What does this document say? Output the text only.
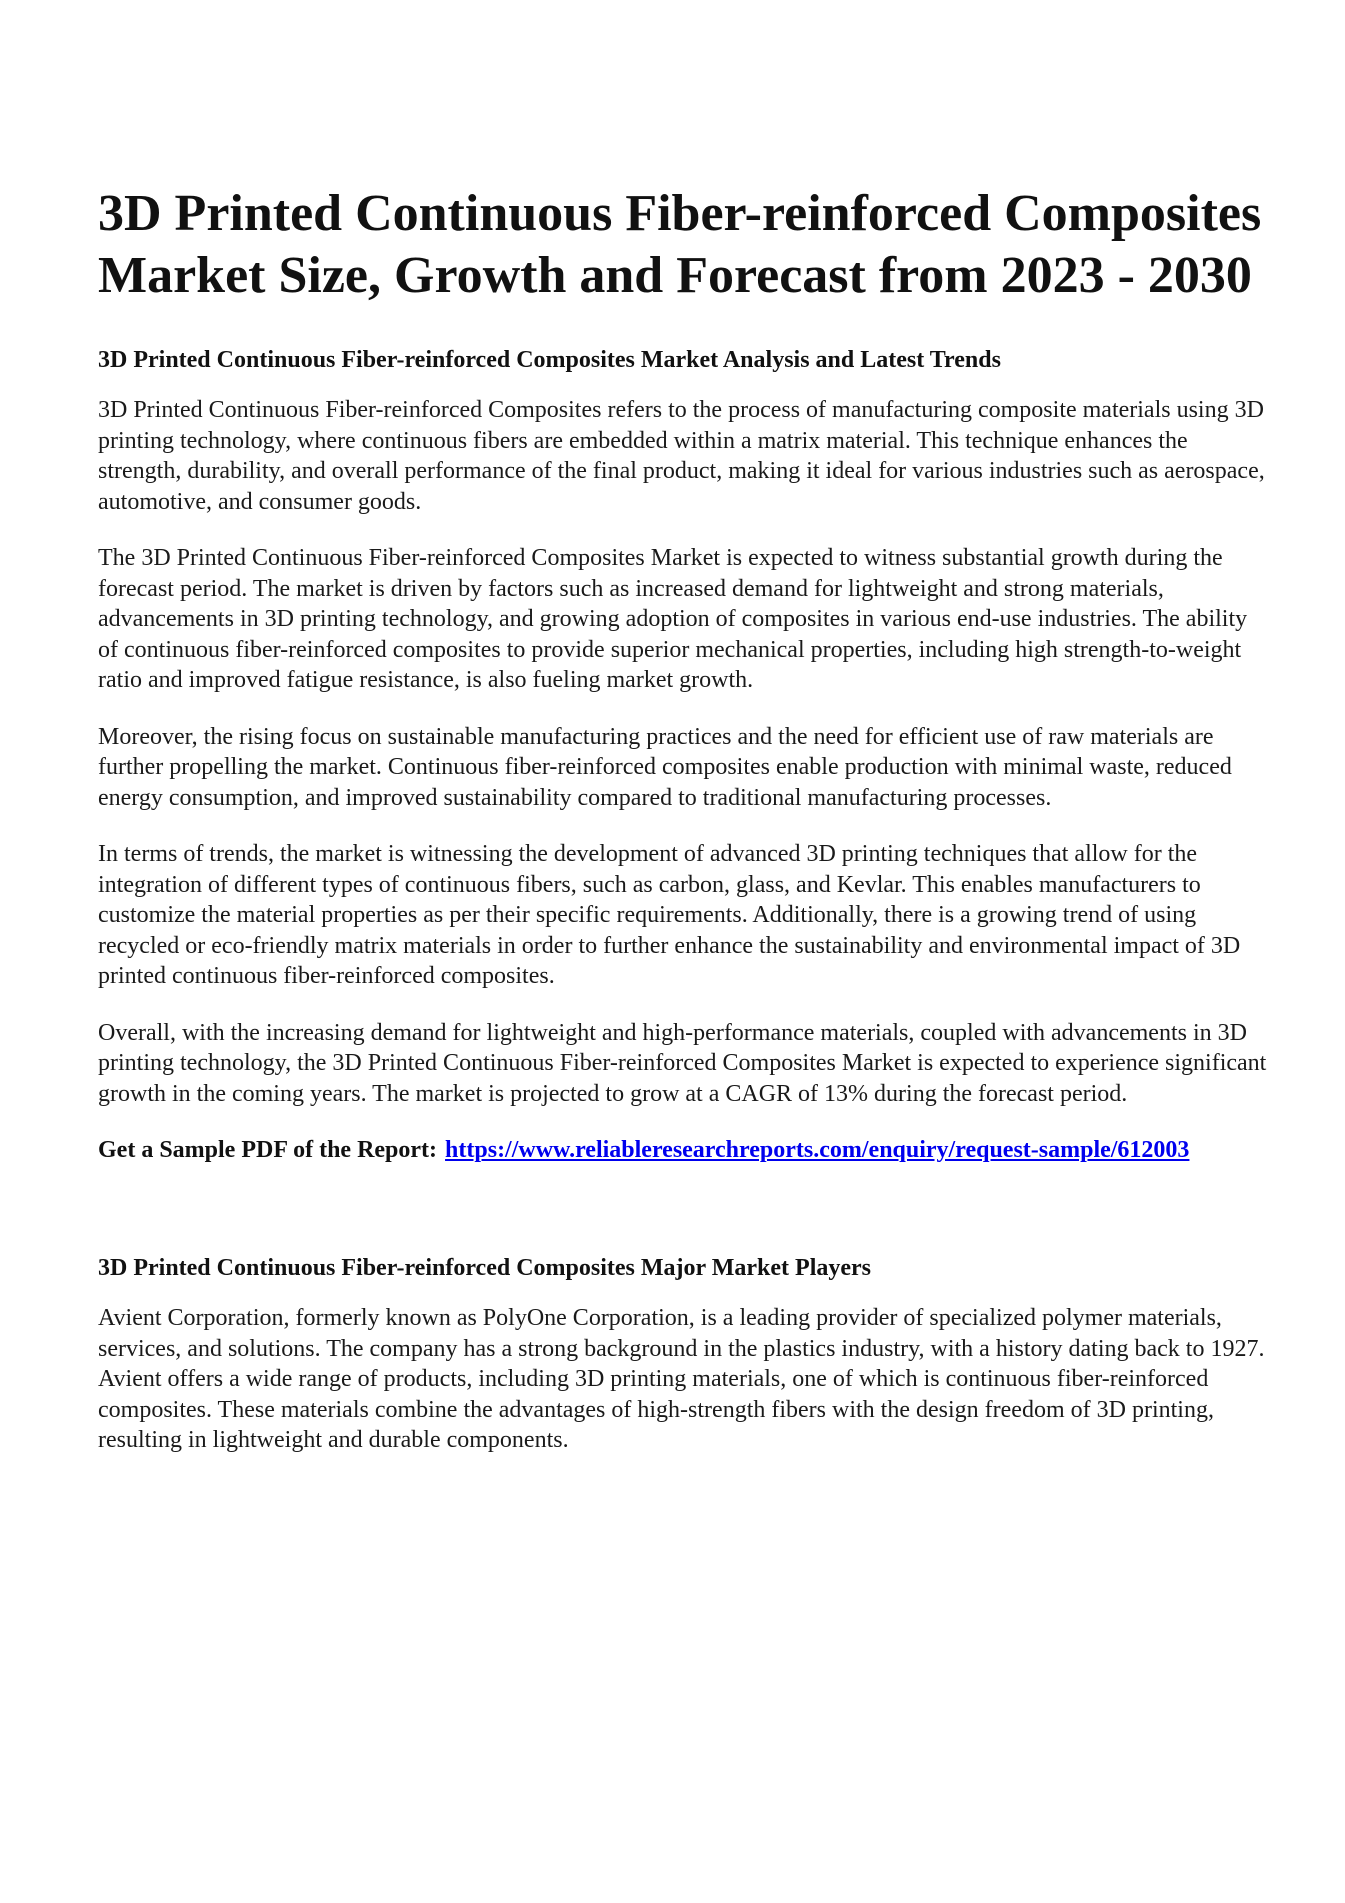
3D Printed Continuous Fiber-reinforced Composites Market Size, Growth and Forecast from 2023 - 2030
3D Printed Continuous Fiber-reinforced Composites Market Analysis and Latest Trends

3D Printed Continuous Fiber-reinforced Composites refers to the process of manufacturing composite materials using 3D printing technology, where continuous fibers are embedded within a matrix material. This technique enhances the strength, durability, and overall performance of the final product, making it ideal for various industries such as aerospace, automotive, and consumer goods.

The 3D Printed Continuous Fiber-reinforced Composites Market is expected to witness substantial growth during the forecast period. The market is driven by factors such as increased demand for lightweight and strong materials, advancements in 3D printing technology, and growing adoption of composites in various end-use industries. The ability of continuous fiber-reinforced composites to provide superior mechanical properties, including high strength-to-weight ratio and improved fatigue resistance, is also fueling market growth.

Moreover, the rising focus on sustainable manufacturing practices and the need for efficient use of raw materials are further propelling the market. Continuous fiber-reinforced composites enable production with minimal waste, reduced energy consumption, and improved sustainability compared to traditional manufacturing processes.

In terms of trends, the market is witnessing the development of advanced 3D printing techniques that allow for the integration of different types of continuous fibers, such as carbon, glass, and Kevlar. This enables manufacturers to customize the material properties as per their specific requirements. Additionally, there is a growing trend of using recycled or eco-friendly matrix materials in order to further enhance the sustainability and environmental impact of 3D printed continuous fiber-reinforced composites.

Overall, with the increasing demand for lightweight and high-performance materials, coupled with advancements in 3D printing technology, the 3D Printed Continuous Fiber-reinforced Composites Market is expected to experience significant growth in the coming years. The market is projected to grow at a CAGR of 13% during the forecast period.

Get a Sample PDF of the Report: https://www.reliableresearchreports.com/enquiry/request-sample/612003

3D Printed Continuous Fiber-reinforced Composites Major Market Players

Avient Corporation, formerly known as PolyOne Corporation, is a leading provider of specialized polymer materials, services, and solutions. The company has a strong background in the plastics industry, with a history dating back to 1927. Avient offers a wide range of products, including 3D printing materials, one of which is continuous fiber-reinforced composites. These materials combine the advantages of high-strength fibers with the design freedom of 3D printing, resulting in lightweight and durable components.
